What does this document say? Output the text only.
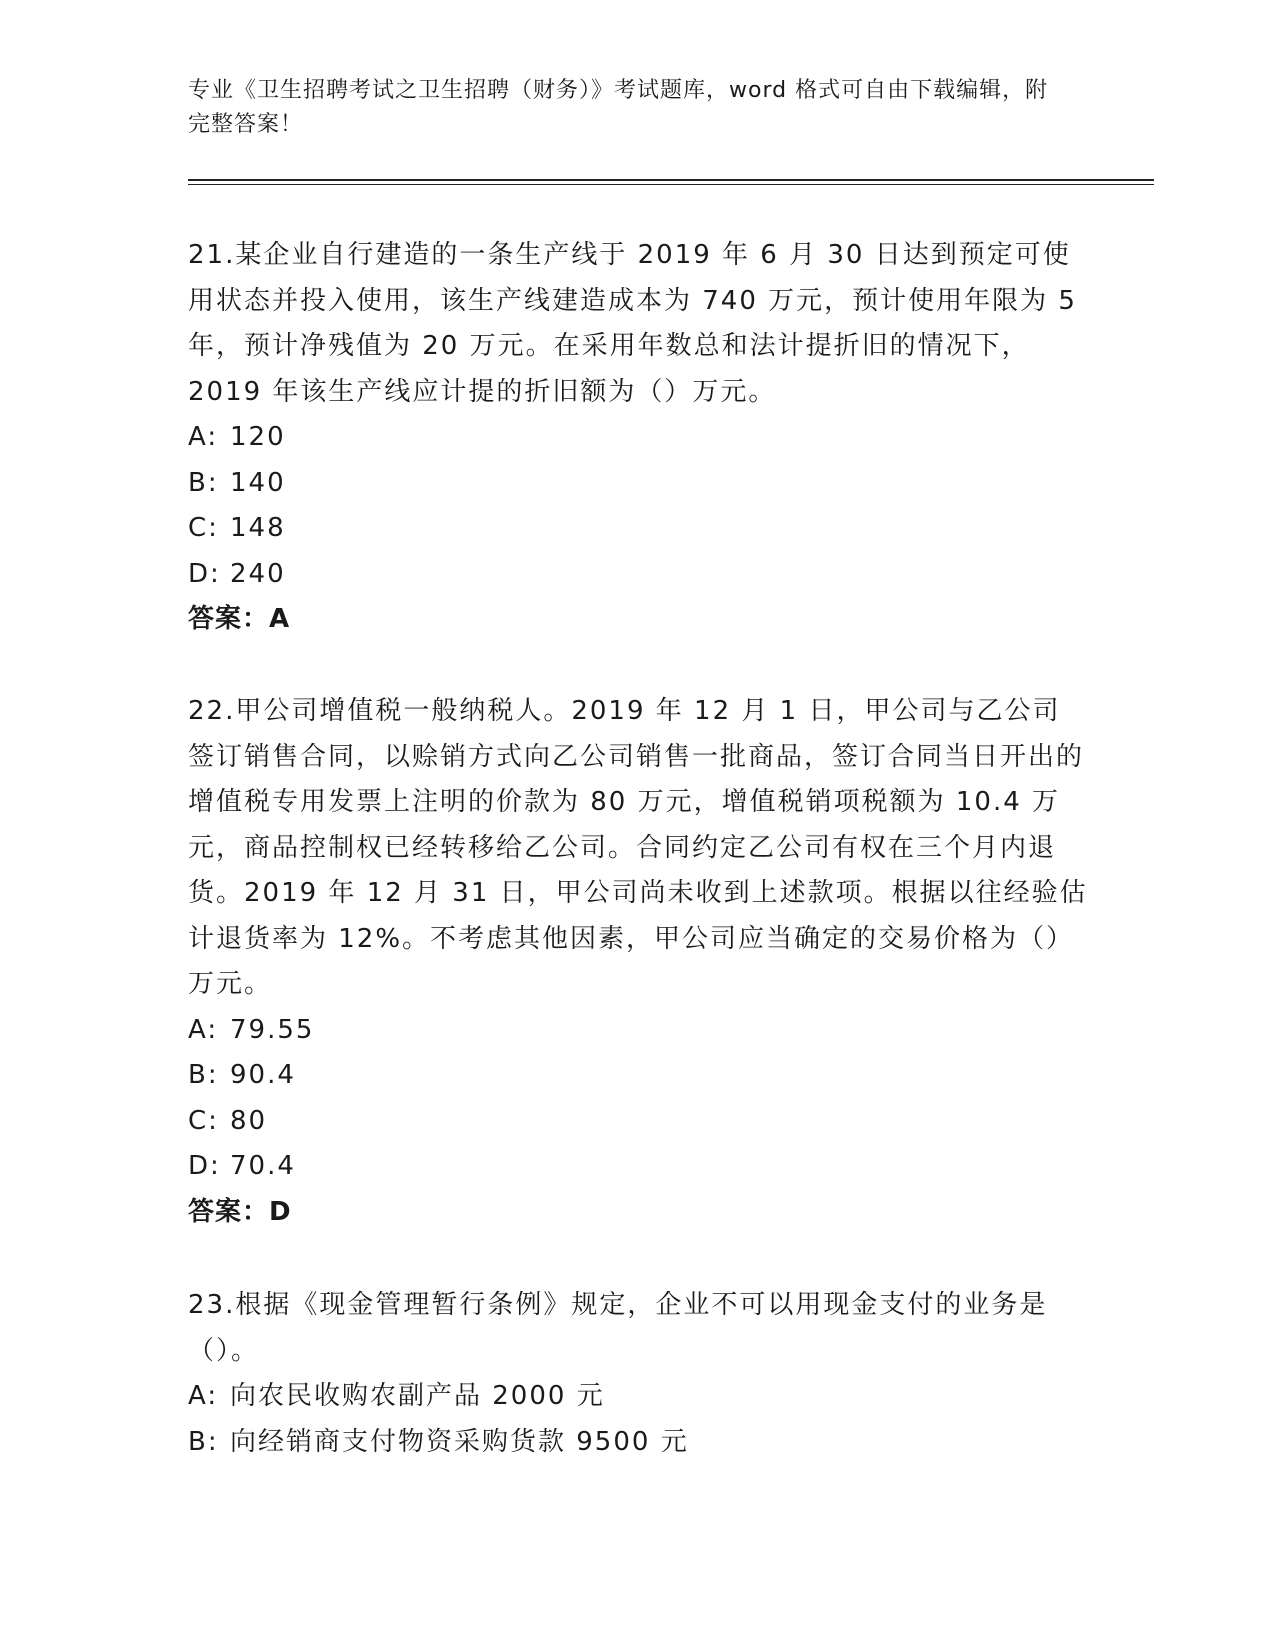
专业《卫生招聘考试之卫生招聘（财务）》考试题库，word 格式可自由下载编辑，附完整答案！
21.某企业自行建造的一条生产线于 2019 年 6 月 30 日达到预定可使用状态并投入使用，该生产线建造成本为 740 万元，预计使用年限为 5 年，预计净残值为 20 万元。在采用年数总和法计提折旧的情况下，2019 年该生产线应计提的折旧额为（）万元。
A: 120
B: 140
C: 148
D: 240
答案：A
22.甲公司增值税一般纳税人。2019 年 12 月 1 日，甲公司与乙公司签订销售合同，以赊销方式向乙公司销售一批商品，签订合同当日开出的增值税专用发票上注明的价款为 80 万元，增值税销项税额为 10.4 万元，商品控制权已经转移给乙公司。合同约定乙公司有权在三个月内退货。2019 年 12 月 31 日，甲公司尚未收到上述款项。根据以往经验估计退货率为 12%。不考虑其他因素，甲公司应当确定的交易价格为（）万元。
A: 79.55
B: 90.4
C: 80
D: 70.4
答案：D
23.根据《现金管理暂行条例》规定，企业不可以用现金支付的业务是（）。
A: 向农民收购农副产品 2000 元
B: 向经销商支付物资采购货款 9500 元
